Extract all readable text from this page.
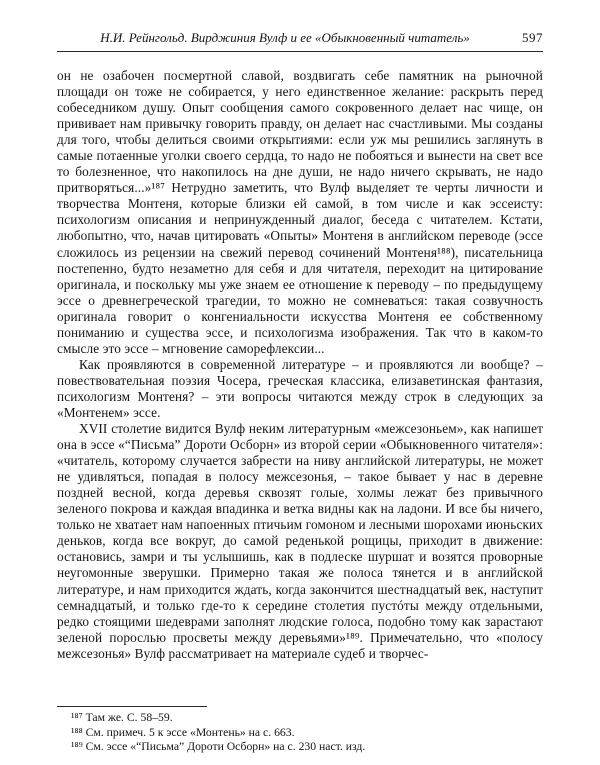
Н.И. Рейнгольд. Вирджиния Вулф и ее «Обыкновенный читатель»	597

он не озабочен посмертной славой, воздвигать себе памятник на рыночной площади он тоже не собирается, у него единственное желание: раскрыть перед собеседником душу. Опыт сообщения самого сокровенного делает нас чище, он прививает нам привычку говорить правду, он делает нас счастливыми. Мы созданы для того, чтобы делиться своими открытиями: если уж мы решились заглянуть в самые потаенные уголки своего сердца, то надо не побояться и вынести на свет все то болезненное, что накопилось на дне души, не надо ничего скрывать, не надо притворяться...»¹⁸⁷ Нетрудно заметить, что Вулф выделяет те черты личности и творчества Монтеня, которые близки ей самой, в том числе и как эссеисту: психологизм описания и непринужденный диалог, беседа с читателем. Кстати, любопытно, что, начав цитировать «Опыты» Монтеня в английском переводе (эссе сложилось из рецензии на свежий перевод сочинений Монтеня¹⁸⁸), писательница постепенно, будто незаметно для себя и для читателя, переходит на цитирование оригинала, и поскольку мы уже знаем ее отношение к переводу – по предыдущему эссе о древнегреческой трагедии, то можно не сомневаться: такая созвучность оригинала говорит о конгениальности искусства Монтеня ее собственному пониманию и существа эссе, и психологизма изображения. Так что в каком-то смысле это эссе – мгновение саморефлексии...

Как проявляются в современной литературе – и проявляются ли вообще? – повествовательная поэзия Чосера, греческая классика, елизаветинская фантазия, психологизм Монтеня? – эти вопросы читаются между строк в следующих за «Монтенем» эссе.

XVII столетие видится Вулф неким литературным «межсезоньем», как напишет она в эссе «“Письма” Дороти Осборн» из второй серии «Обыкновенного читателя»: «читатель, которому случается забрести на ниву английской литературы, не может не удивляться, попадая в полосу межсезонья, – такое бывает у нас в деревне поздней весной, когда деревья сквозят голые, холмы лежат без привычного зеленого покрова и каждая впадинка и ветка видны как на ладони. И все бы ничего, только не хватает нам напоенных птичьим гомоном и лесными шорохами июньских деньков, когда все вокруг, до самой реденькой рощицы, приходит в движение: остановись, замри и ты услышишь, как в подлеске шуршат и возятся проворные неугомонные зверушки. Примерно такая же полоса тянется и в английской литературе, и нам приходится ждать, когда закончится шестнадцатый век, наступит семнадцатый, и только где-то к середине столетия пустóты между отдельными, редко стоящими шедеврами заполнят людские голоса, подобно тому как зарастают зеленой порослью просветы между деревьями»¹⁸⁹. Примечательно, что «полосу межсезонья» Вулф рассматривает на материале судеб и творчес-

¹⁸⁷ Там же. С. 58–59.
¹⁸⁸ См. примеч. 5 к эссе «Монтень» на с. 663.
¹⁸⁹ См. эссе «“Письма” Дороти Осборн» на с. 230 наст. изд.
